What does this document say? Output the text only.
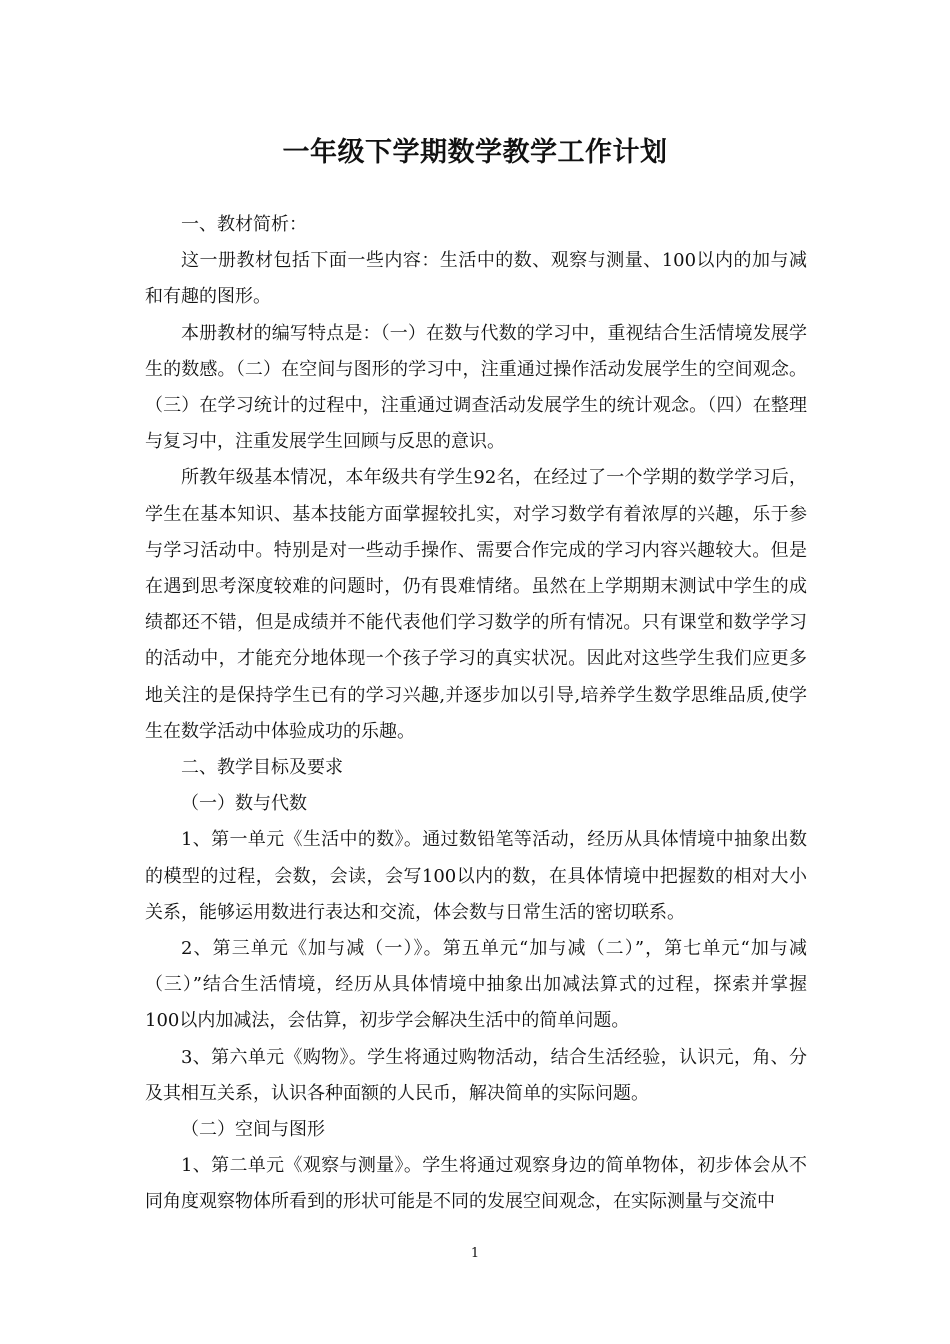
一年级下学期数学教学工作计划

一、教材简析：

这一册教材包括下面一些内容：生活中的数、观察与测量、100以内的加与减和有趣的图形。

本册教材的编写特点是：（一）在数与代数的学习中，重视结合生活情境发展学生的数感。（二）在空间与图形的学习中，注重通过操作活动发展学生的空间观念。（三）在学习统计的过程中，注重通过调查活动发展学生的统计观念。（四）在整理与复习中，注重发展学生回顾与反思的意识。

所教年级基本情况，本年级共有学生92名，在经过了一个学期的数学学习后，学生在基本知识、基本技能方面掌握较扎实，对学习数学有着浓厚的兴趣，乐于参与学习活动中。特别是对一些动手操作、需要合作完成的学习内容兴趣较大。但是在遇到思考深度较难的问题时，仍有畏难情绪。虽然在上学期期末测试中学生的成绩都还不错，但是成绩并不能代表他们学习数学的所有情况。只有课堂和数学学习的活动中，才能充分地体现一个孩子学习的真实状况。因此对这些学生我们应更多地关注的是保持学生已有的学习兴趣,并逐步加以引导,培养学生数学思维品质,使学生在数学活动中体验成功的乐趣。

二、教学目标及要求

（一）数与代数

1、第一单元《生活中的数》。通过数铅笔等活动，经历从具体情境中抽象出数的模型的过程，会数，会读，会写100以内的数，在具体情境中把握数的相对大小关系，能够运用数进行表达和交流，体会数与日常生活的密切联系。

2、第三单元《加与减（一）》。第五单元“加与减（二）”，第七单元“加与减（三）”结合生活情境，经历从具体情境中抽象出加减法算式的过程，探索并掌握100以内加减法，会估算，初步学会解决生活中的简单问题。

3、第六单元《购物》。学生将通过购物活动，结合生活经验，认识元，角、分及其相互关系，认识各种面额的人民币，解决简单的实际问题。

（二）空间与图形

1、第二单元《观察与测量》。学生将通过观察身边的简单物体，初步体会从不同角度观察物体所看到的形状可能是不同的发展空间观念，在实际测量与交流中

1
